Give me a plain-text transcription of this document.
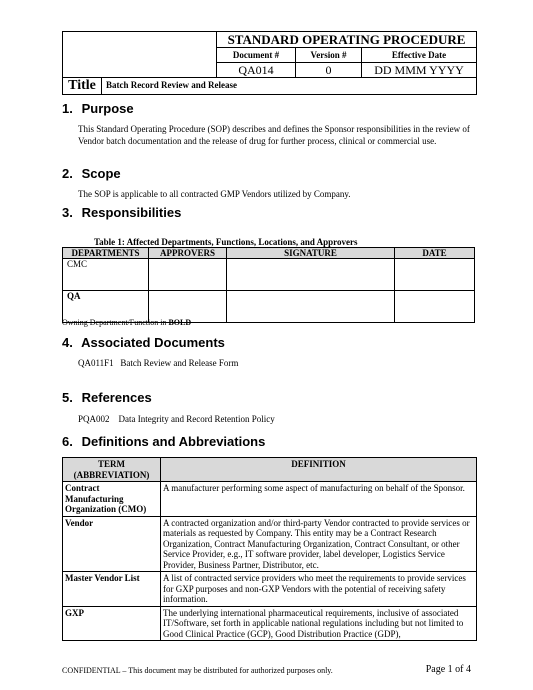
STANDARD OPERATING PROCEDURE
Document #	Version #	Effective Date
QA014	0	DD MMM YYYY
Title	Batch Record Review and Release
1. Purpose

This Standard Operating Procedure (SOP) describes and defines the Sponsor responsibilities in the review of Vendor batch documentation and the release of drug for further process, clinical or commercial use.

2. Scope

The SOP is applicable to all contracted GMP Vendors utilized by Company.

3. Responsibilities
Table 1: Affected Departments, Functions, Locations, and Approvers
DEPARTMENTS	APPROVERS	SIGNATURE	DATE
CMC			
QA			
Owning Department/Function in BOLD
4. Associated Documents

QA011F1 Batch Review and Release Form

5. References

PQA002 Data Integrity and Record Retention Policy

6. Definitions and Abbreviations
TERM (ABBREVIATION)	DEFINITION
Contract Manufacturing Organization (CMO)	A manufacturer performing some aspect of manufacturing on behalf of the Sponsor.
Vendor	A contracted organization and/or third-party Vendor contracted to provide services or materials as requested by Company. This entity may be a Contract Research Organization, Contract Manufacturing Organization, Contract Consultant, or other Service Provider, e.g., IT software provider, label developer, Logistics Service Provider, Business Partner, Distributor, etc.
Master Vendor List	A list of contracted service providers who meet the requirements to provide services for GXP purposes and non-GXP Vendors with the potential of receiving safety information.
GXP	The underlying international pharmaceutical requirements, inclusive of associated IT/Software, set forth in applicable national regulations including but not limited to Good Clinical Practice (GCP), Good Distribution Practice (GDP),
CONFIDENTIAL – This document may be distributed for authorized purposes only.	Page 1 of 4
